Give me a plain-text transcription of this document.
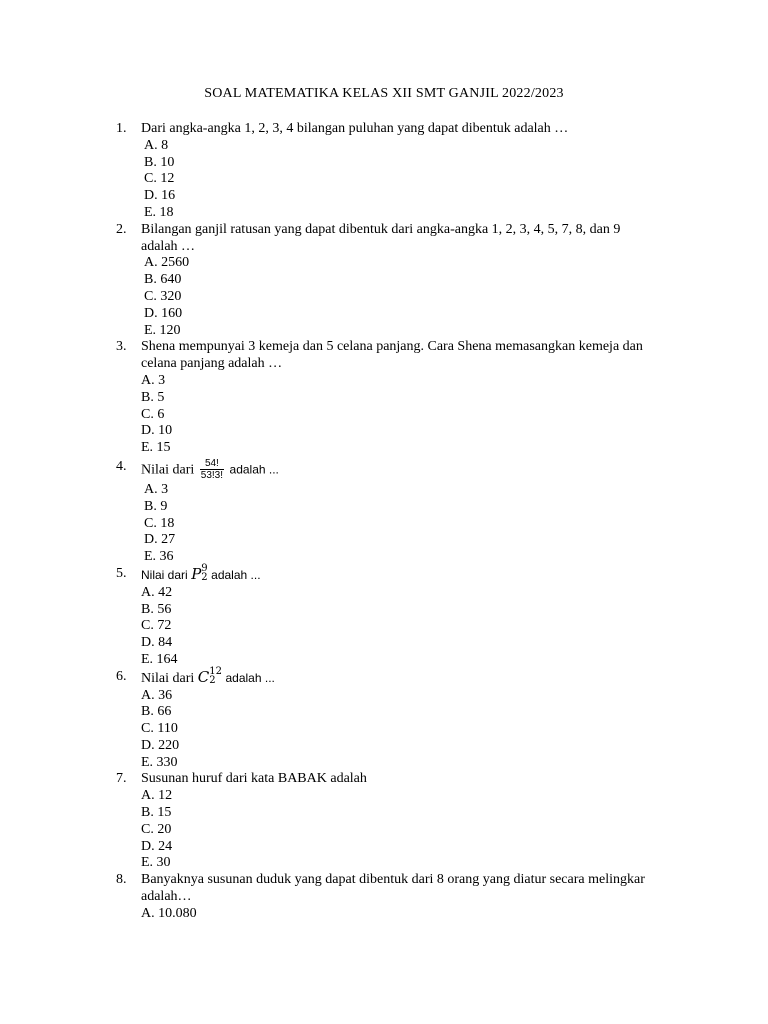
SOAL MATEMATIKA KELAS XII SMT GANJIL 2022/2023
1. Dari angka-angka 1, 2, 3, 4 bilangan puluhan yang dapat dibentuk adalah …
A. 8
B. 10
C. 12
D. 16
E. 18
2. Bilangan ganjil ratusan yang dapat dibentuk dari angka-angka 1, 2, 3, 4, 5, 7, 8, dan 9 adalah …
A. 2560
B. 640
C. 320
D. 160
E. 120
3. Shena mempunyai 3 kemeja dan 5 celana panjang. Cara Shena memasangkan kemeja dan celana panjang adalah …
A. 3
B. 5
C. 6
D. 10
E. 15
4. Nilai dari $\frac{54!}{53!3!}$ adalah ...
A. 3
B. 9
C. 18
D. 27
E. 36
5. Nilai dari P 9
2 adalah ...
A. 42
B. 56
C. 72
D. 84
E. 164
6. Nilai dari C 12
2 adalah ...
A. 36
B. 66
C. 110
D. 220
E. 330
7. Susunan huruf dari kata BABAK adalah
A. 12
B. 15
C. 20
D. 24
E. 30
8. Banyaknya susunan duduk yang dapat dibentuk dari 8 orang yang diatur secara melingkar adalah…
A. 10.080
